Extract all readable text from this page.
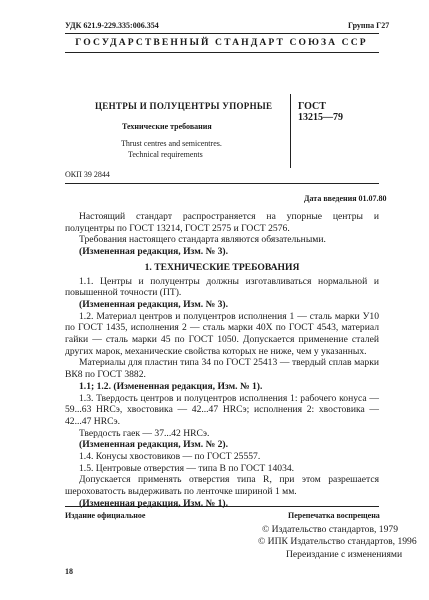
УДК 621.9-229.335:006.354	Группа Г27
ГОСУДАРСТВЕННЫЙ СТАНДАРТ СОЮЗА ССР
ЦЕНТРЫ И ПОЛУЦЕНТРЫ УПОРНЫЕ
Технические требования
Thrust centres and semicentres.
Technical requirements
ГОСТ
13215—79
ОКП 39 2844
Дата введения 01.07.80

Настоящий стандарт распространяется на упорные центры и полуцентры по ГОСТ 13214, ГОСТ 2575 и ГОСТ 2576.

Требования настоящего стандарта являются обязательными.

(Измененная редакция, Изм. № 3).

1. ТЕХНИЧЕСКИЕ ТРЕБОВАНИЯ

1.1. Центры и полуцентры должны изготавливаться нормальной и повышенной точности (ПТ).

(Измененная редакция, Изм. № 3).

1.2. Материал центров и полуцентров исполнения 1 — сталь марки У10 по ГОСТ 1435, исполнения 2 — сталь марки 40Х по ГОСТ 4543, материал гайки — сталь марки 45 по ГОСТ 1050. Допускается применение сталей других марок, механические свойства которых не ниже, чем у указанных.

Материалы для пластин типа 34 по ГОСТ 25413 — твердый сплав марки ВК8 по ГОСТ 3882.

1.1; 1.2. (Измененная редакция, Изм. № 1).

1.3. Твердость центров и полуцентров исполнения 1: рабочего конуса — 59...63 HRCэ, хвостовика — 42...47 HRCэ; исполнения 2: хвостовика — 42...47 HRCэ.

Твердость гаек — 37...42 HRCэ.

(Измененная редакция, Изм. № 2).

1.4. Конусы хвостовиков — по ГОСТ 25557.

1.5. Центровые отверстия — типа В по ГОСТ 14034.

Допускается применять отверстия типа R, при этом разрешается шероховатость выдерживать по ленточке шириной 1 мм.

(Измененная редакция, Изм. № 1).

Издание официальное	Перепечатка воспрещена
© Издательство стандартов, 1979
© ИПК Издательство стандартов, 1996
Переиздание с изменениями
18
